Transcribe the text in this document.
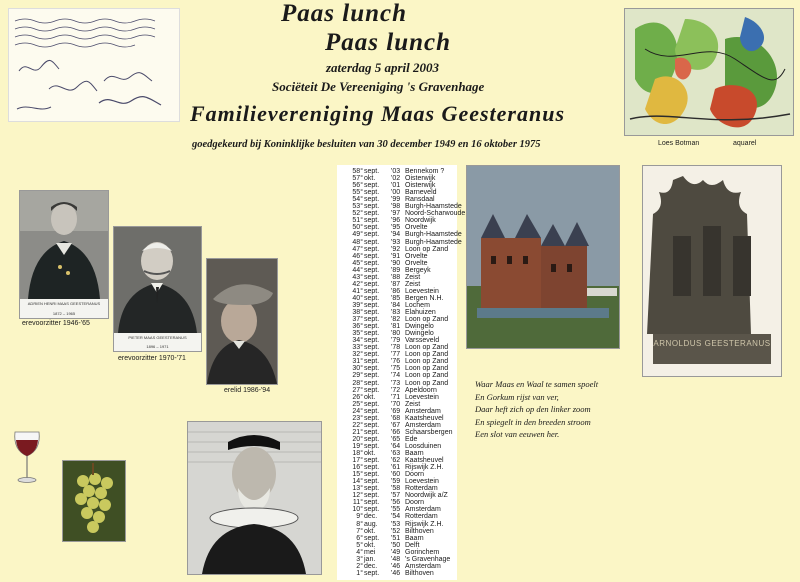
Paas lunch
Paas lunch
zaterdag 5 april 2003
Sociëteit De Vereeniging 's Gravenhage
Familievereniging Maas Geesteranus
goedgekeurd bij Koninklijke besluiten van 30 december 1949 en 16 oktober 1975	Loes Botman	aquarel
ADRIEN HENRI MAAS GEESTERANUS
1872 – 1965
erevoorzitter 1946-'65
PIETER MAAS GEESTERANUS
1896 – 1971
erevoorzitter 1970-'71
erelid 1986-'94
58° sept.	'03 Bennekom ?
57° okt.	'02 Oisterwijk
56° sept.	'01 Oisterwijk
55° sept.	'00 Barneveld
54° sept.	'99 Ransdaal
53° sept.	'98 Burgh-Haamstede
52° sept.	'97 Noord-Scharwoude
51° sept.	'96 Noordwijk
50° sept.	'95 Orvelte
49° sept.	'94 Burgh-Haamstede
48° sept.	'93 Burgh-Haamstede
47° sept.	'92 Loon op Zand
46° sept.	'91 Orvelte
45° sept.	'90 Orvelte
44° sept.	'89 Bergeyk
43° sept.	'88 Zeist
42° sept.	'87 Zeist
41° sept.	'86 Loevestein
40° sept.	'85 Bergen N.H.
39° sept.	'84 Lochem
38° sept.	'83 Elahuizen
37° sept.	'82 Loon op Zand
36° sept.	'81 Dwingelo
35° sept.	'80 Dwingelo
34° sept.	'79 Varsseveld
33° sept.	'78 Loon op Zand
32° sept.	'77 Loon op Zand
31° sept.	'76 Loon op Zand
30° sept.	'75 Loon op Zand
29° sept.	'74 Loon op Zand
28° sept.	'73 Loon op Zand
27° sept.	'72 Apeldoorn
26° okt.	'71 Loevestein
25° sept.	'70 Zeist
24° sept.	'69 Amsterdam
23° sept.	'68 Kaatsheuvel
22° sept.	'67 Amsterdam
21° sept.	'66 Schaarsbergen
20° sept.	'65 Ede
19° sept.	'64 Loosduinen
18° okt.	'63 Baarn
17° sept.	'62 Kaatsheuvel
16° sept.	'61 Rijswijk Z.H.
15° sept.	'60 Doorn
14° sept.	'59 Loevestein
13° sept.	'58 Rotterdam
12° sept.	'57 Noordwijk a/Z
11° sept.	'56 Doorn
10° sept.	'55 Amsterdam
9° dec.	'54 Rotterdam
8° aug.	'53 Rijswijk Z.H.
7° okt.	'52 Bilthoven
6° sept.	'51 Baarn
5° okt.	'50 Delft
4° mei	'49 Gorinchem
3° jan.	'48 's Gravenhage
2° dec.	'46 Amsterdam
1° sept.	'46 Bilthoven
ARNOLDUS GEESTERANUS
Waar Maas en Waal te samen spoelt
En Gorkum rijst van ver,
Daar heft zich op den linker zoom
En spiegelt in den breeden stroom
Een slot van eeuwen her.
